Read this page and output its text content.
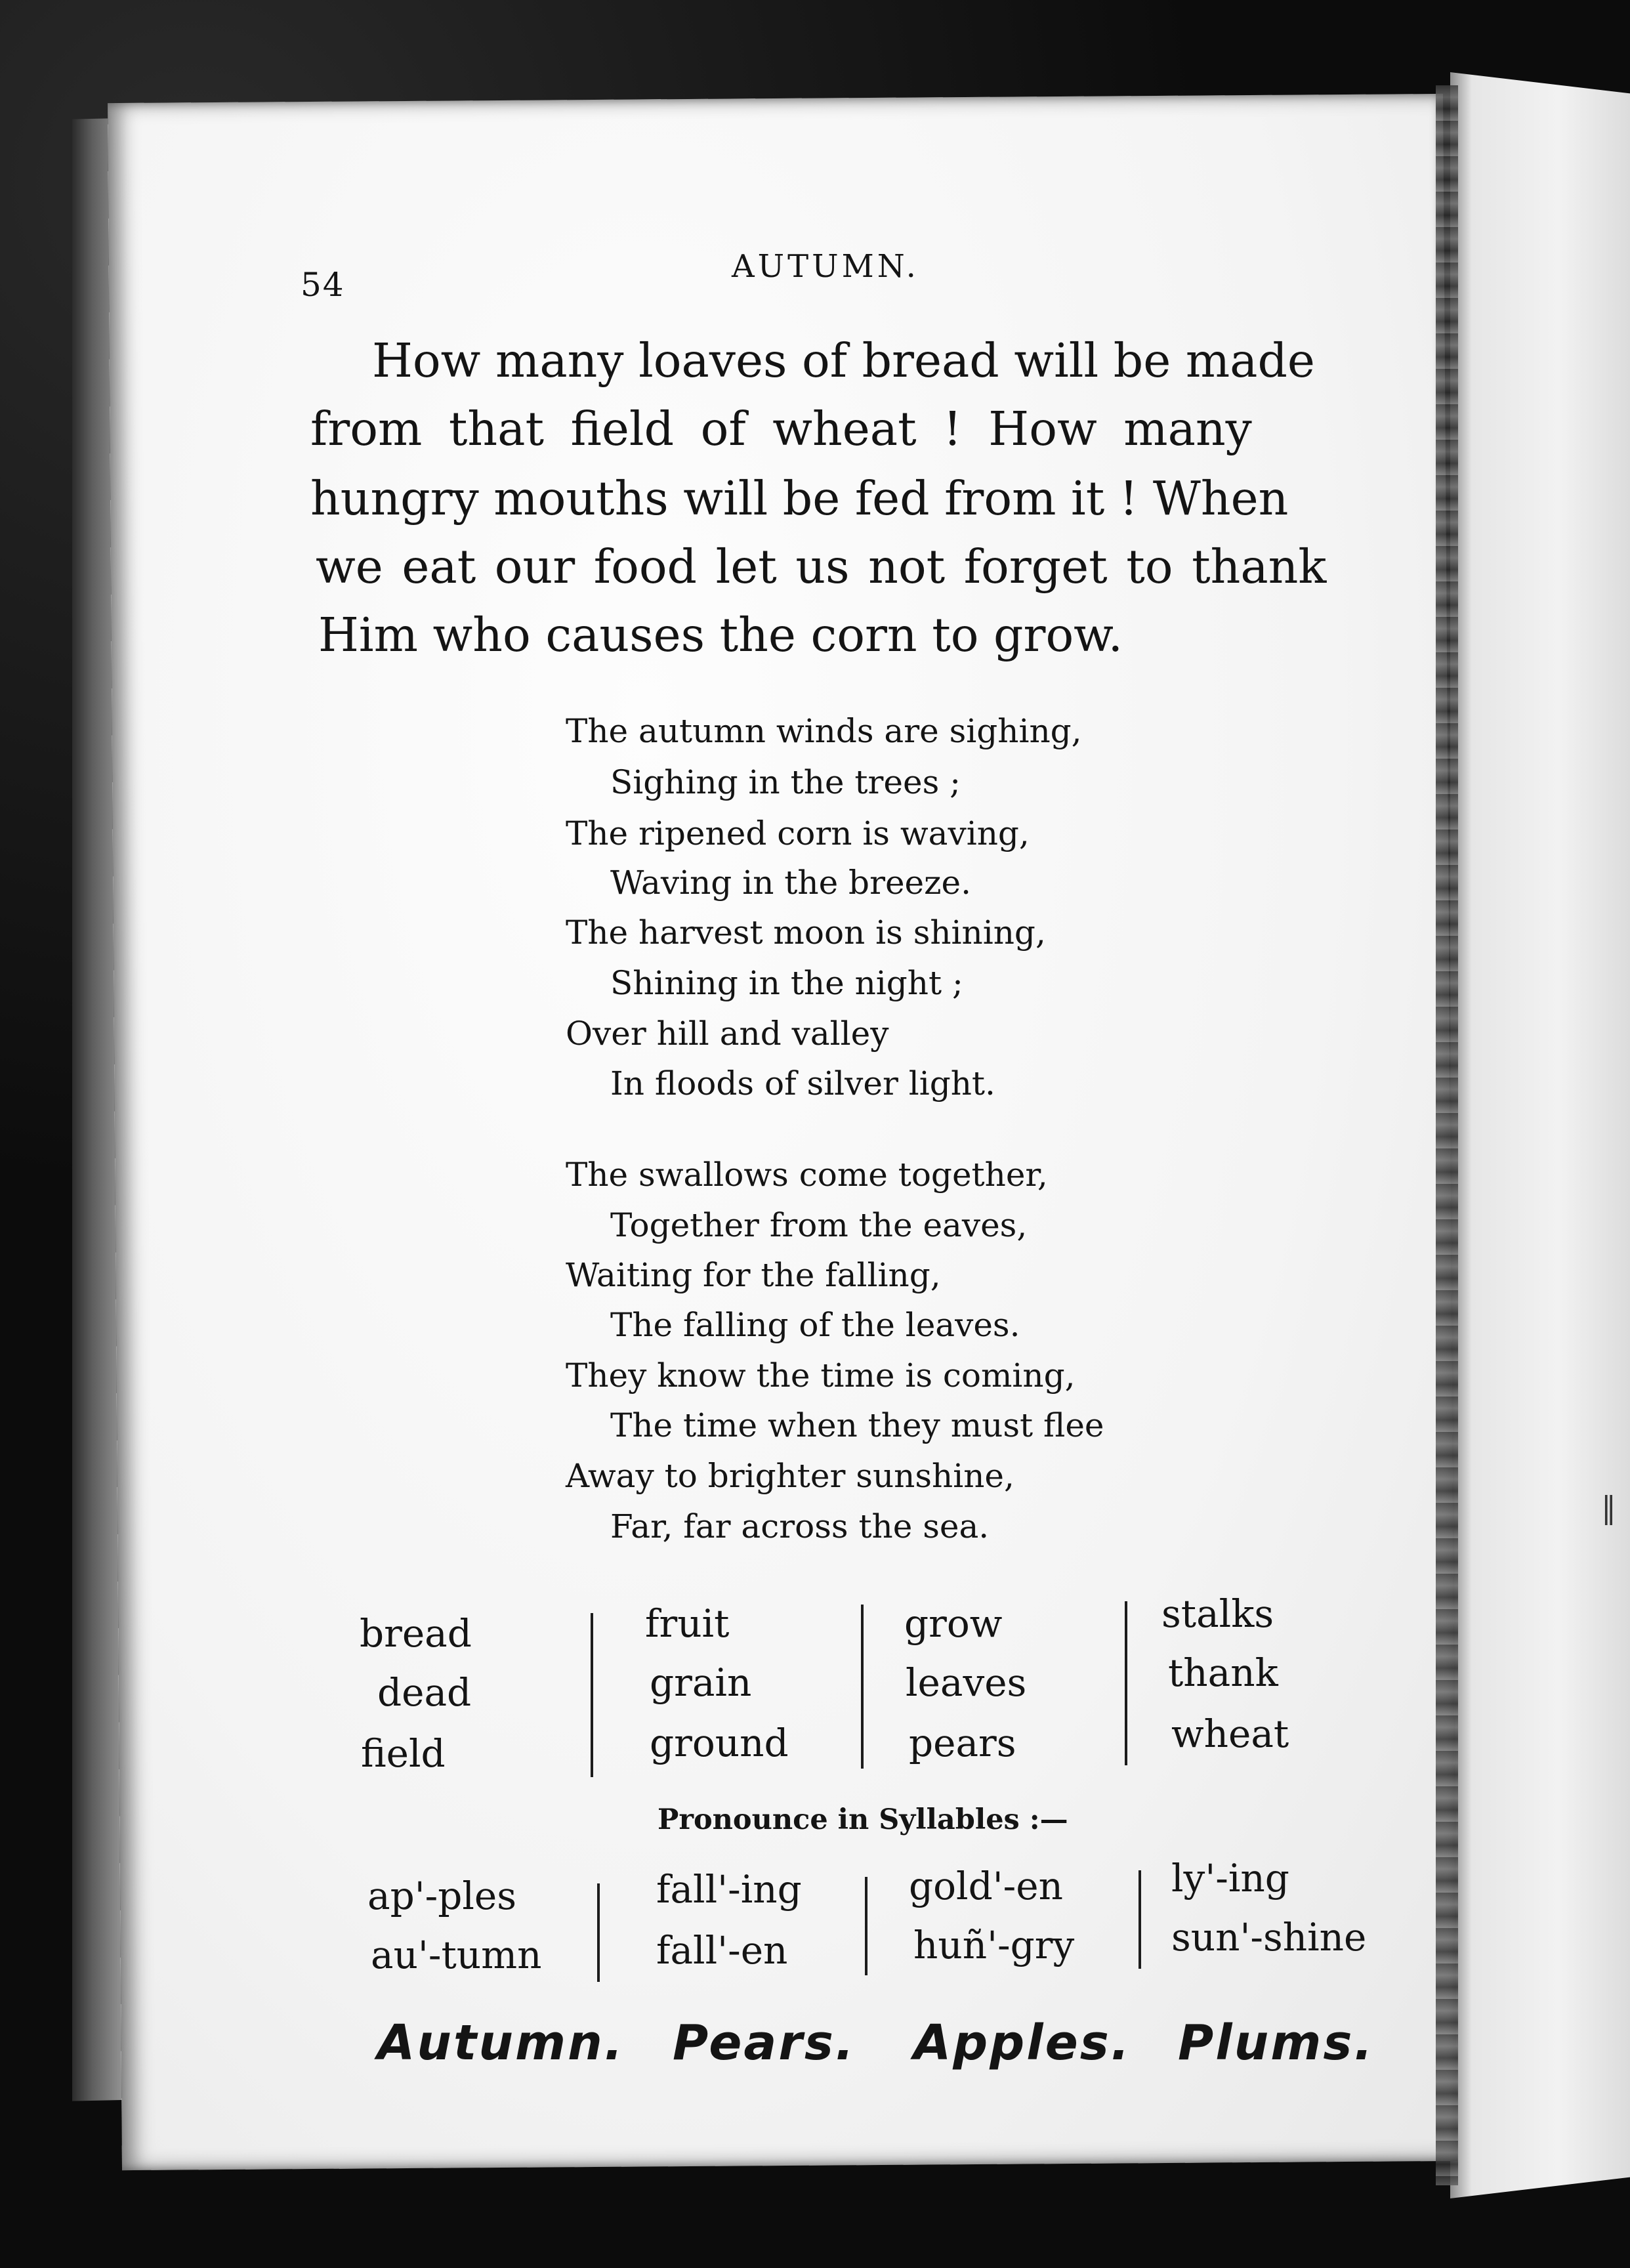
‖
54	AUTUMN.
How many loaves of bread will be made
from that field of wheat ! How many
hungry mouths will be fed from it ! When
we eat our food let us not forget to thank
Him who causes the corn to grow.
The autumn winds are sighing,
Sighing in the trees ;
The ripened corn is waving,
Waving in the breeze.
The harvest moon is shining,
Shining in the night ;
Over hill and valley
In floods of silver light.
The swallows come together,
Together from the eaves,
Waiting for the falling,
The falling of the leaves.
They know the time is coming,
The time when they must flee
Away to brighter sunshine,
Far, far across the sea.
bread
dead
field
fruit
grain
ground
grow
leaves
pears
stalks
thank
wheat
Pronounce in Syllables :—
ap'-ples
au'-tumn
fall'-ing
fall'-en
gold'-en
huñ'-gry
ly'-ing
sun'-shine
Autumn. Pears. Apples. Plums.
